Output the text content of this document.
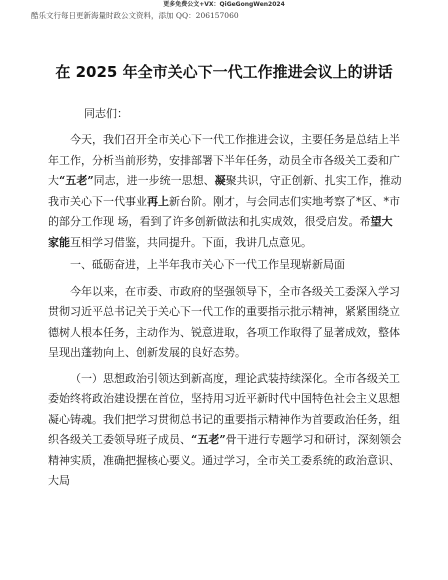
更多免费公文+VX：QiGeGongWen2024
酷乐文行每日更新海量时政公文资料，添加 QQ：206157060
在 2025 年全市关心下一代工作推进会议上的讲话

同志们：

今天，我们召开全市关心下一代工作推进会议，主要任务是总结上半年工作，分析当前形势，安排部署下半年任务，动员全市各级关工委和广大“五老”同志，进一步统一思想、凝聚共识，守正创新、扎实工作，推动我市关心下一代事业再上新台阶。刚才，与会同志们实地考察了*区、*市的部分工作现 场，看到了许多创新做法和扎实成效，很受启发。希望大家能互相学习借鉴，共同提升。下面，我讲几点意见。

一、砥砺奋进，上半年我市关心下一代工作呈现崭新局面

今年以来，在市委、市政府的坚强领导下，全市各级关工委深入学习贯彻习近平总书记关于关心下一代工作的重要指示批示精神，紧紧围绕立德树人根本任务，主动作为、锐意进取，各项工作取得了显著成效，整体呈现出蓬勃向上、创新发展的良好态势。

（一）思想政治引领达到新高度，理论武装持续深化。全市各级关工委始终将政治建设摆在首位，坚持用习近平新时代中国特色社会主义思想凝心铸魂。我们把学习贯彻总书记的重要指示精神作为首要政治任务，组织各级关工委领导班子成员、“五老”骨干进行专题学习和研讨，深刻领会精神实质，准确把握核心要义。通过学习，全市关工委系统的政治意识、大局
